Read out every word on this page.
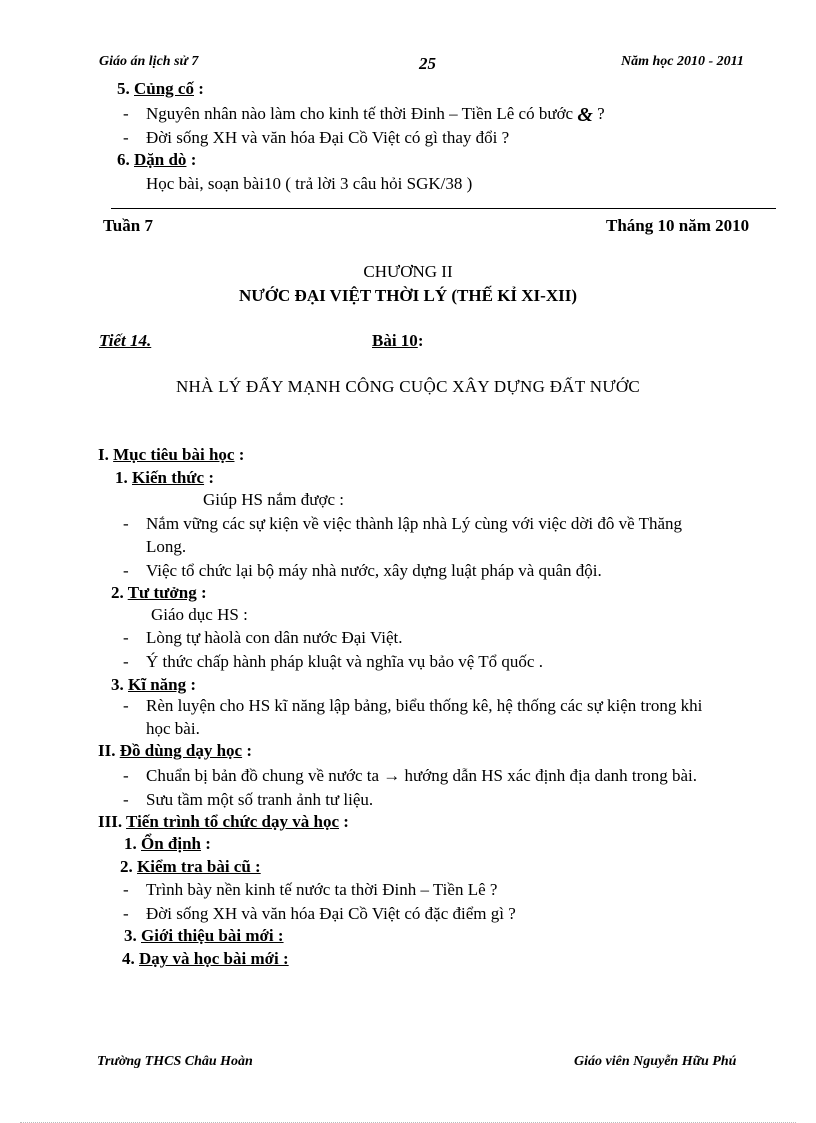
Giáo án lịch sử 7	25	Năm học 2010 - 2011
5. Củng cố :
- Nguyên nhân nào làm cho kinh tế thời Đinh – Tiền Lê có bước & ?
- Đời sống XH và văn hóa Đại Cồ Việt có gì thay đổi ?
6. Dặn dò :
Học bài, soạn bài10 ( trả lời 3 câu hỏi SGK/38 )
Tuần 7	Tháng 10 năm 2010
CHƯƠNG II
NƯỚC ĐẠI VIỆT THỜI LÝ (THẾ KỈ XI-XII)
Tiết 14.	Bài 10:
NHÀ LÝ ĐẨY MẠNH CÔNG CUỘC XÂY DỰNG ĐẤT NƯỚC
I. Mục tiêu bài học :
1. Kiến thức :
Giúp HS nắm được :
- Nắm vững các sự kiện về việc thành lập nhà Lý cùng với việc dời đô về Thăng
Long.
- Việc tổ chức lại bộ máy nhà nước, xây dựng luật pháp và quân đội.
2. Tư tưởng :
Giáo dục HS :
- Lòng tự hàolà con dân nước Đại Việt.
- Ý thức chấp hành pháp kluật và nghĩa vụ bảo vệ Tổ quốc .
3. Kĩ năng :
- Rèn luyện cho HS kĩ năng lập bảng, biểu thống kê, hệ thống các sự kiện trong khi
học bài.
II. Đồ dùng dạy học :
- Chuẩn bị bản đồ chung về nước ta → hướng dẫn HS xác định địa danh trong bài.
- Sưu tầm một số tranh ảnh tư liệu.
III. Tiến trình tổ chức dạy và học :
1. Ổn định :
2. Kiểm tra bài cũ :
- Trình bày nền kinh tế nước ta thời Đinh – Tiền Lê ?
- Đời sống XH và văn hóa Đại Cồ Việt có đặc điểm gì ?
3. Giới thiệu bài mới :
4. Dạy và học bài mới :
Trường THCS Châu Hoàn	Giáo viên Nguyễn Hữu Phú
